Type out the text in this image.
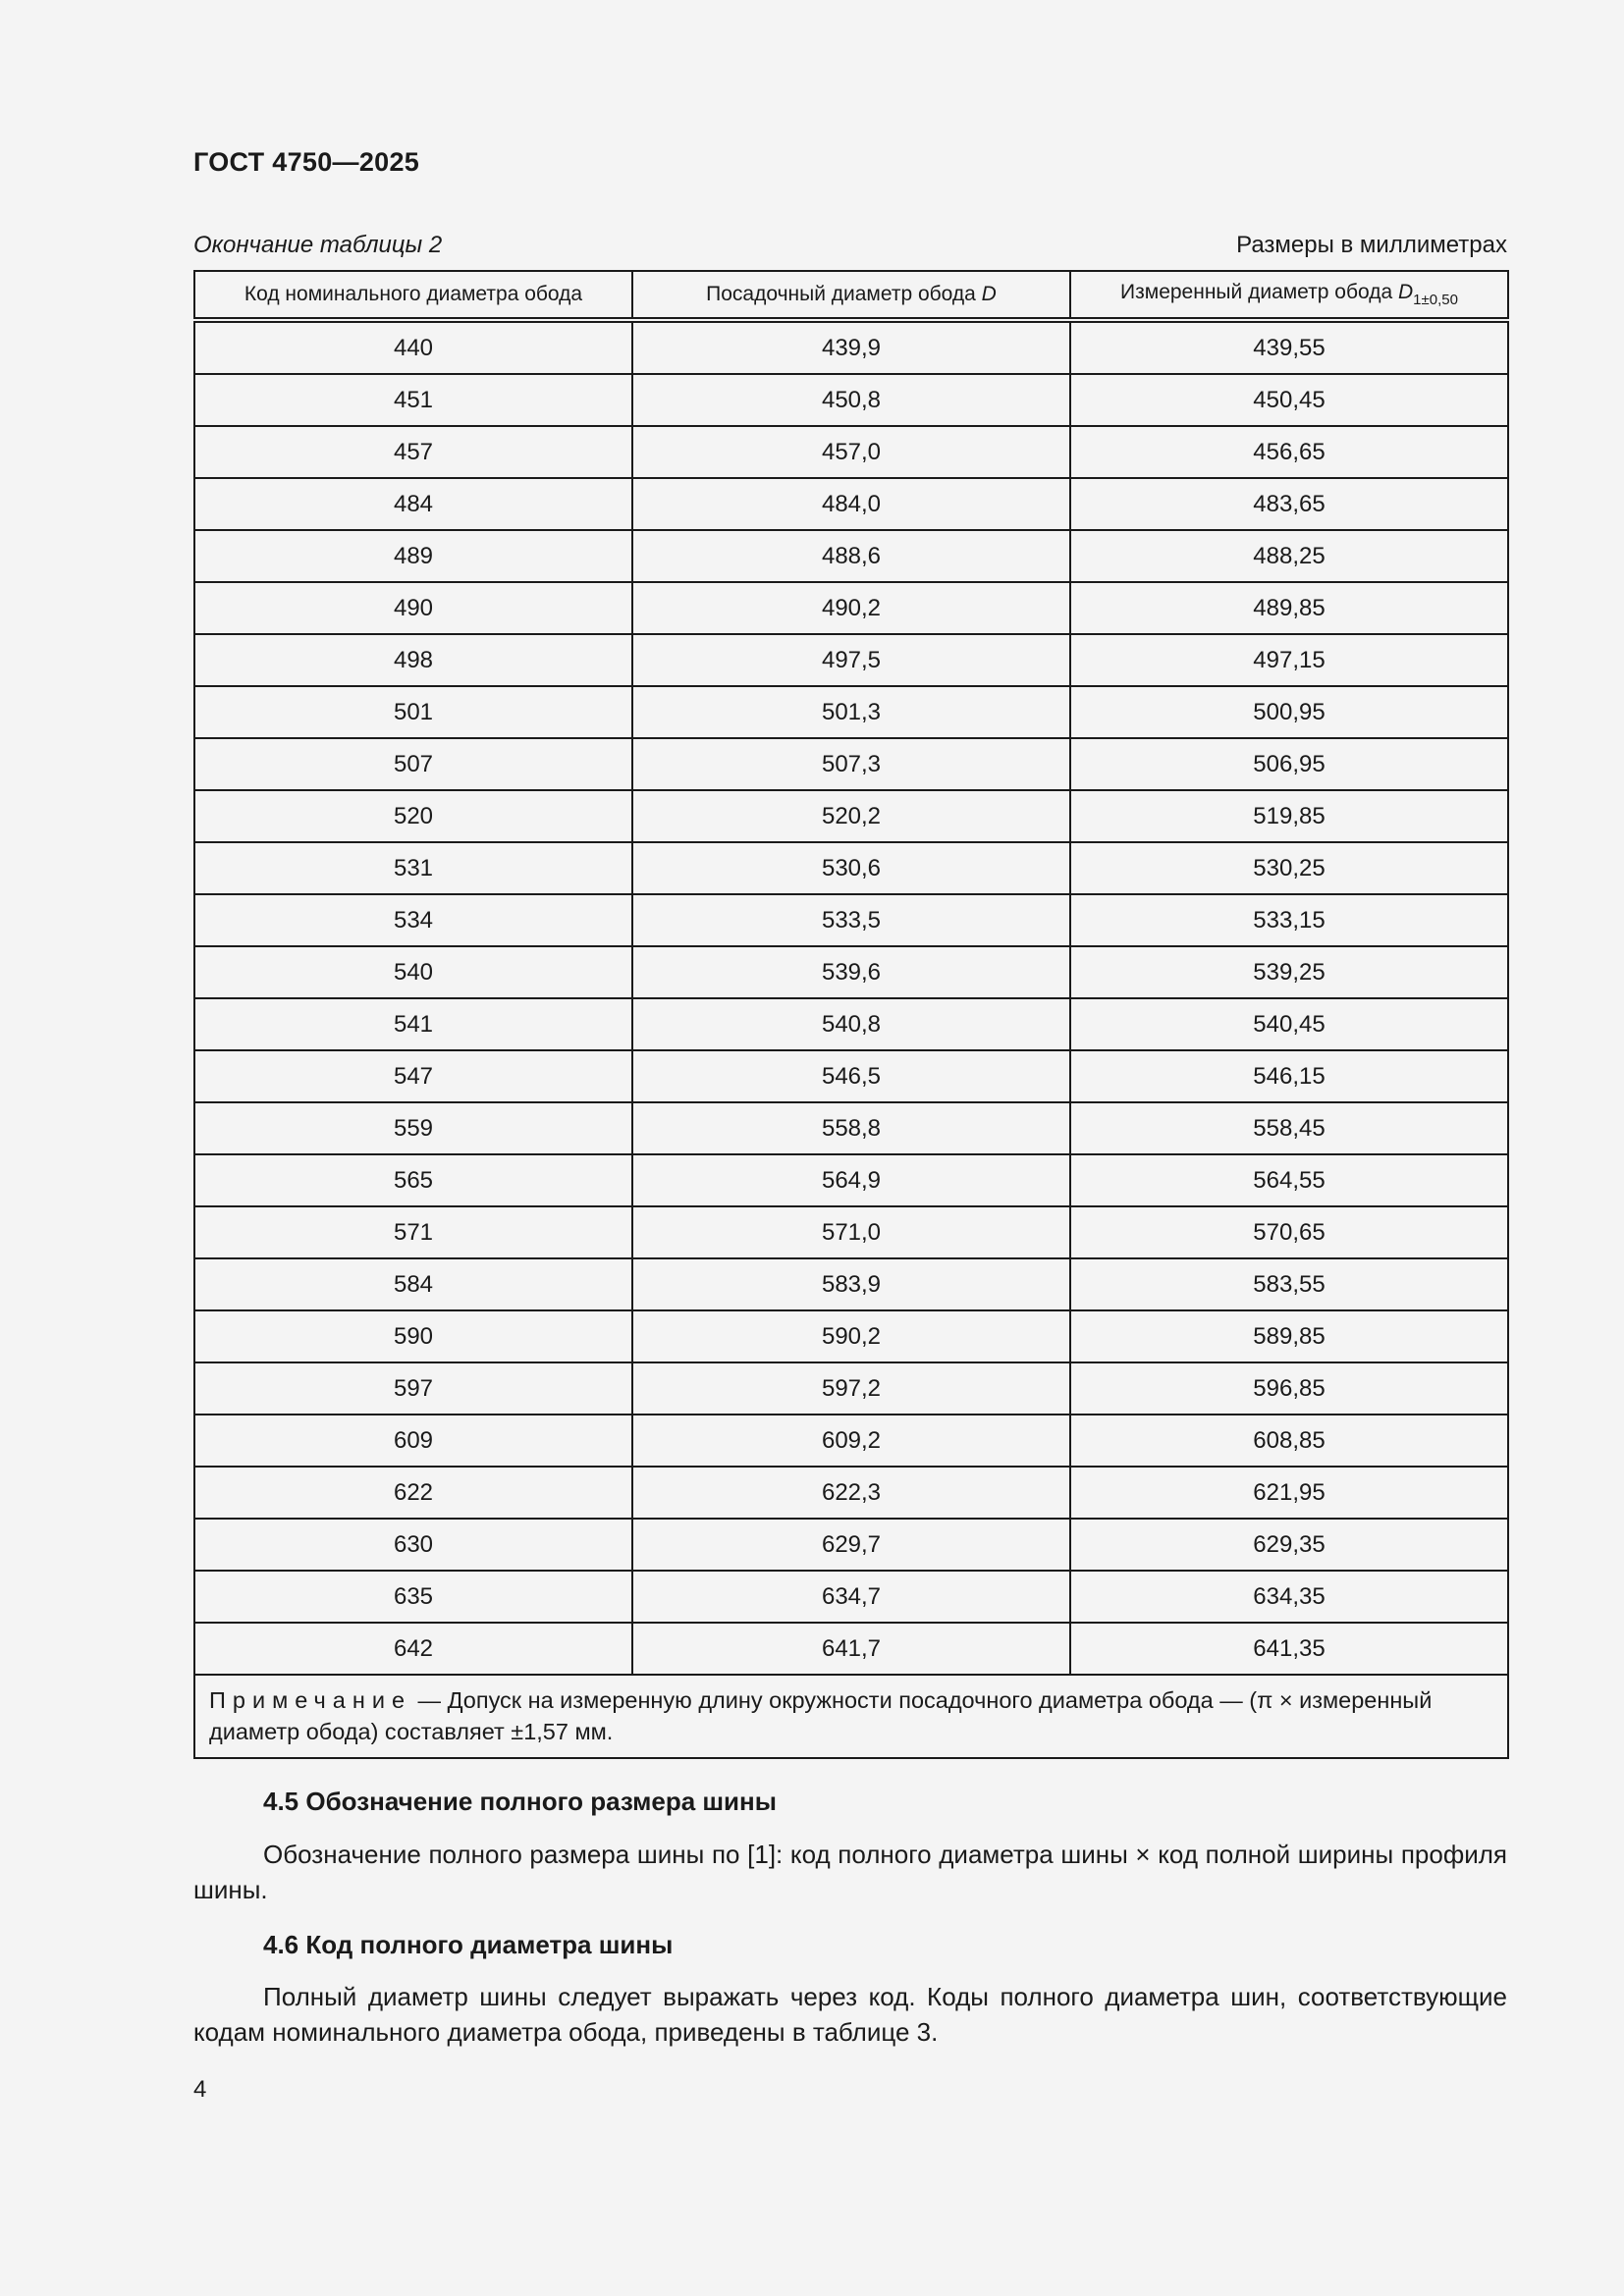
ГОСТ 4750—2025
Окончание таблицы 2	Размеры в миллиметрах
Код номинального диаметра обода	Посадочный диаметр обода D	Измеренный диаметр обода $D_{1\pm 0,50}$
440	439,9	439,55
451	450,8	450,45
457	457,0	456,65
484	484,0	483,65
489	488,6	488,25
490	490,2	489,85
498	497,5	497,15
501	501,3	500,95
507	507,3	506,95
520	520,2	519,85
531	530,6	530,25
534	533,5	533,15
540	539,6	539,25
541	540,8	540,45
547	546,5	546,15
559	558,8	558,45
565	564,9	564,55
571	571,0	570,65
584	583,9	583,55
590	590,2	589,85
597	597,2	596,85
609	609,2	608,85
622	622,3	621,95
630	629,7	629,35
635	634,7	634,35
642	641,7	641,35
Примечание — Допуск на измеренную длину окружности посадочного диаметра обода — (π × измеренный диаметр обода) составляет ±1,57 мм.		
4.5 Обозначение полного размера шины
Обозначение полного размера шины по [1]: код полного диаметра шины × код полной ширины профиля шины.
4.6 Код полного диаметра шины
Полный диаметр шины следует выражать через код. Коды полного диаметра шин, соответствующие кодам номинального диаметра обода, приведены в таблице 3.
4
